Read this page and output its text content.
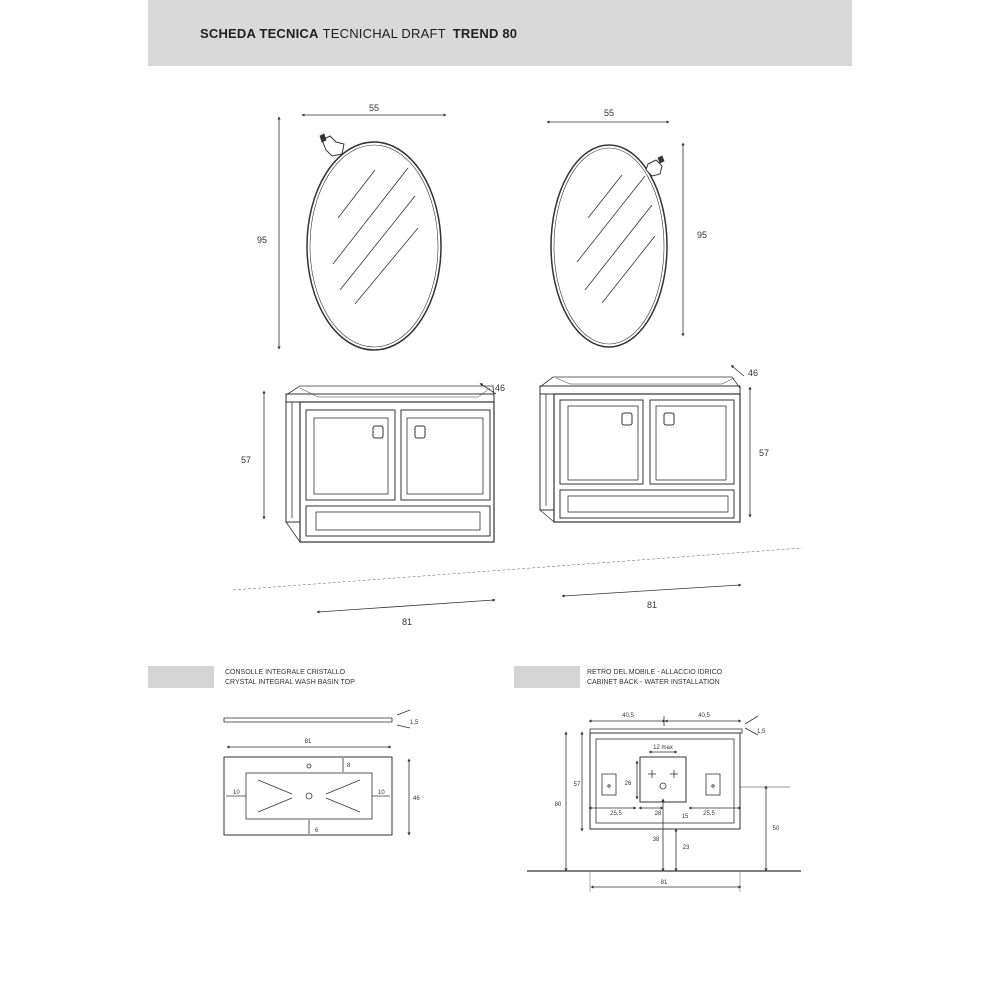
SCHEDA TECNICA TECNICHAL DRAFT TREND 80
55
95
55
95
46
57
81
46
57
81
1,5
81
46
10	10
8
6
40,5	40,5
1,5
12 max
26
57
80
25,5	28	15 25,5
38
23
50
81
CONSOLLE INTEGRALE CRISTALLO
CRYSTAL INTEGRAL WASH BASIN TOP
RETRO DEL MOBILE - ALLACCIO IDRICO
CABINET BACK - WATER INSTALLATION
